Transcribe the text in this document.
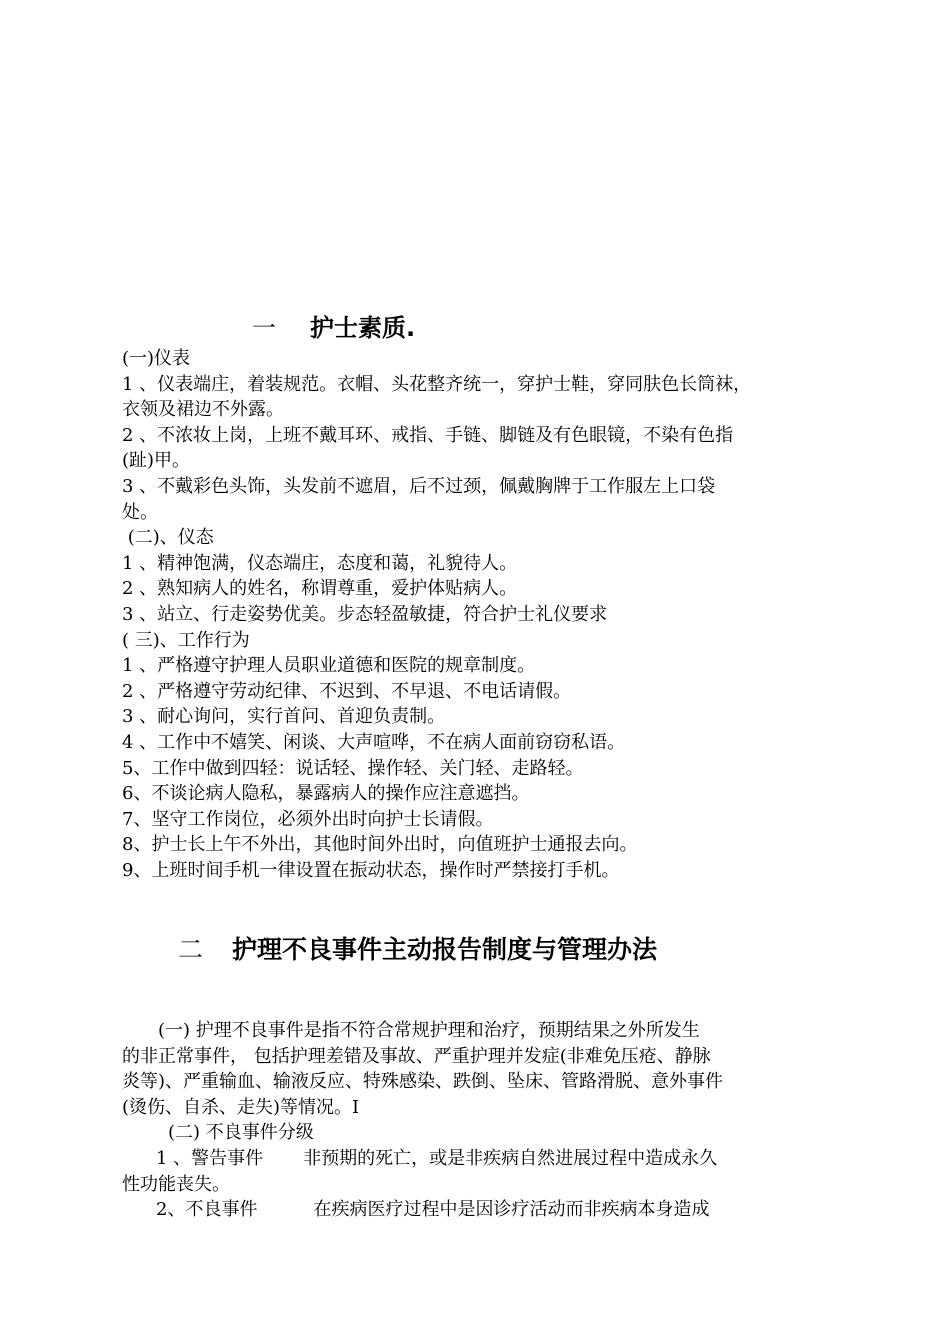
一 护士素质.
(一)仪表
1 、仪表端庄，着装规范。衣帽、头花整齐统一，穿护士鞋，穿同肤色长筒袜，
衣领及裙边不外露。
2 、不浓妆上岗，上班不戴耳环、戒指、手链、脚链及有色眼镜，不染有色指
(趾)甲。
3 、不戴彩色头饰，头发前不遮眉，后不过颈，佩戴胸牌于工作服左上口袋
处。
(二)、仪态
1 、精神饱满，仪态端庄，态度和蔼，礼貌待人。
2 、熟知病人的姓名，称谓尊重，爱护体贴病人。
3 、站立、行走姿势优美。步态轻盈敏捷，符合护士礼仪要求
( 三)、工作行为
1 、严格遵守护理人员职业道德和医院的规章制度。
2 、严格遵守劳动纪律、不迟到、不早退、不电话请假。
3 、耐心询问，实行首问、首迎负责制。
4 、工作中不嬉笑、闲谈、大声喧哗，不在病人面前窃窃私语。
5、工作中做到四轻：说话轻、操作轻、关门轻、走路轻。
6、不谈论病人隐私，暴露病人的操作应注意遮挡。
7、坚守工作岗位，必须外出时向护士长请假。
8、护士长上午不外出，其他时间外出时，向值班护士通报去向。
9、上班时间手机一律设置在振动状态，操作时严禁接打手机。
二 护理不良事件主动报告制度与管理办法
(一) 护理不良事件是指不符合常规护理和治疗，预期结果之外所发生
的非正常事件， 包括护理差错及事故、严重护理并发症(非难免压疮、静脉
炎等)、严重输血、输液反应、特殊感染、跌倒、坠床、管路滑脱、意外事件
(烫伤、自杀、走失)等情况。I
(二) 不良事件分级
1 、警告事件 非预期的死亡，或是非疾病自然进展过程中造成永久
性功能丧失。
2、不良事件	在疾病医疗过程中是因诊疗活动而非疾病本身造成
